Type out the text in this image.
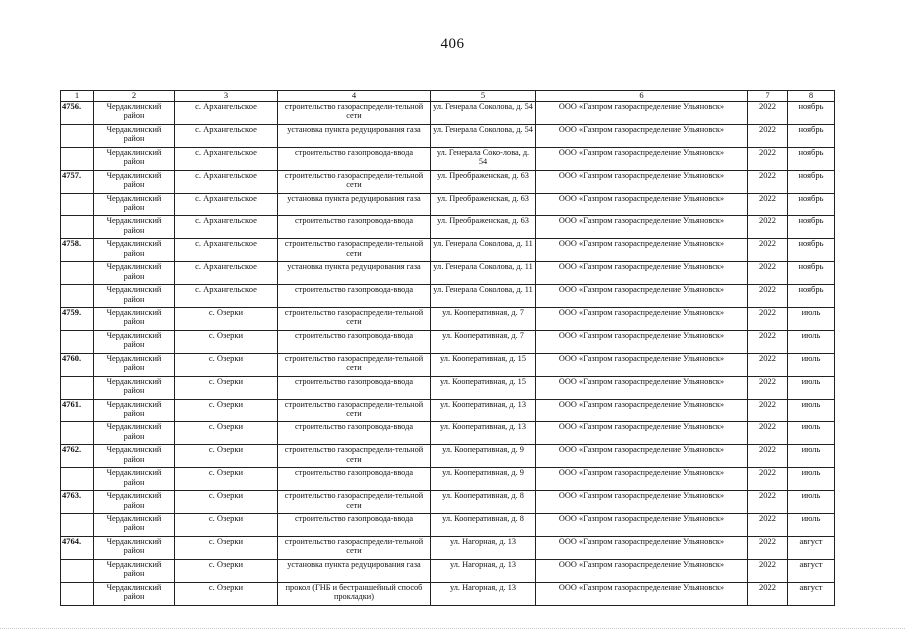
406
1	2	3	4	5	6	7	8
4756.	Чердаклинский район	с. Архангельское	строительство газораспредели-тельной сети	ул. Генерала Соколова, д. 54	ООО «Газпром газораспределение Ульяновск»	2022	ноябрь
	Чердаклинский район	с. Архангельское	установка пункта редуцирования газа	ул. Генерала Соколова, д. 54	ООО «Газпром газораспределение Ульяновск»	2022	ноябрь
	Чердаклинский район	с. Архангельское	строительство газопровода-ввода	ул. Генерала Соко-лова, д. 54	ООО «Газпром газораспределение Ульяновск»	2022	ноябрь
4757.	Чердаклинский район	с. Архангельское	строительство газораспредели-тельной сети	ул. Преображенская, д. 63	ООО «Газпром газораспределение Ульяновск»	2022	ноябрь
	Чердаклинский район	с. Архангельское	установка пункта редуцирования газа	ул. Преображенская, д. 63	ООО «Газпром газораспределение Ульяновск»	2022	ноябрь
	Чердаклинский район	с. Архангельское	строительство газопровода-ввода	ул. Преображенская, д. 63	ООО «Газпром газораспределение Ульяновск»	2022	ноябрь
4758.	Чердаклинский район	с. Архангельское	строительство газораспредели-тельной сети	ул. Генерала Соколова, д. 11	ООО «Газпром газораспределение Ульяновск»	2022	ноябрь
	Чердаклинский район	с. Архангельское	установка пункта редуцирования газа	ул. Генерала Соколова, д. 11	ООО «Газпром газораспределение Ульяновск»	2022	ноябрь
	Чердаклинский район	с. Архангельское	строительство газопровода-ввода	ул. Генерала Соколова, д. 11	ООО «Газпром газораспределение Ульяновск»	2022	ноябрь
4759.	Чердаклинский район	с. Озерки	строительство газораспредели-тельной сети	ул. Кооперативная, д. 7	ООО «Газпром газораспределение Ульяновск»	2022	июль
	Чердаклинский район	с. Озерки	строительство газопровода-ввода	ул. Кооперативная, д. 7	ООО «Газпром газораспределение Ульяновск»	2022	июль
4760.	Чердаклинский район	с. Озерки	строительство газораспредели-тельной сети	ул. Кооперативная, д. 15	ООО «Газпром газораспределение Ульяновск»	2022	июль
	Чердаклинский район	с. Озерки	строительство газопровода-ввода	ул. Кооперативная, д. 15	ООО «Газпром газораспределение Ульяновск»	2022	июль
4761.	Чердаклинский район	с. Озерки	строительство газораспредели-тельной сети	ул. Кооперативная, д. 13	ООО «Газпром газораспределение Ульяновск»	2022	июль
	Чердаклинский район	с. Озерки	строительство газопровода-ввода	ул. Кооперативная, д. 13	ООО «Газпром газораспределение Ульяновск»	2022	июль
4762.	Чердаклинский район	с. Озерки	строительство газораспредели-тельной сети	ул. Кооперативная, д. 9	ООО «Газпром газораспределение Ульяновск»	2022	июль
	Чердаклинский район	с. Озерки	строительство газопровода-ввода	ул. Кооперативная, д. 9	ООО «Газпром газораспределение Ульяновск»	2022	июль
4763.	Чердаклинский район	с. Озерки	строительство газораспредели-тельной сети	ул. Кооперативная, д. 8	ООО «Газпром газораспределение Ульяновск»	2022	июль
	Чердаклинский район	с. Озерки	строительство газопровода-ввода	ул. Кооперативная, д. 8	ООО «Газпром газораспределение Ульяновск»	2022	июль
4764.	Чердаклинский район	с. Озерки	строительство газораспредели-тельной сети	ул. Нагорная, д. 13	ООО «Газпром газораспределение Ульяновск»	2022	август
	Чердаклинский район	с. Озерки	установка пункта редуцирования газа	ул. Нагорная, д. 13	ООО «Газпром газораспределение Ульяновск»	2022	август
	Чердаклинский район	с. Озерки	прокол (ГНБ и бестраншейный способ прокладки)	ул. Нагорная, д. 13	ООО «Газпром газораспределение Ульяновск»	2022	август
